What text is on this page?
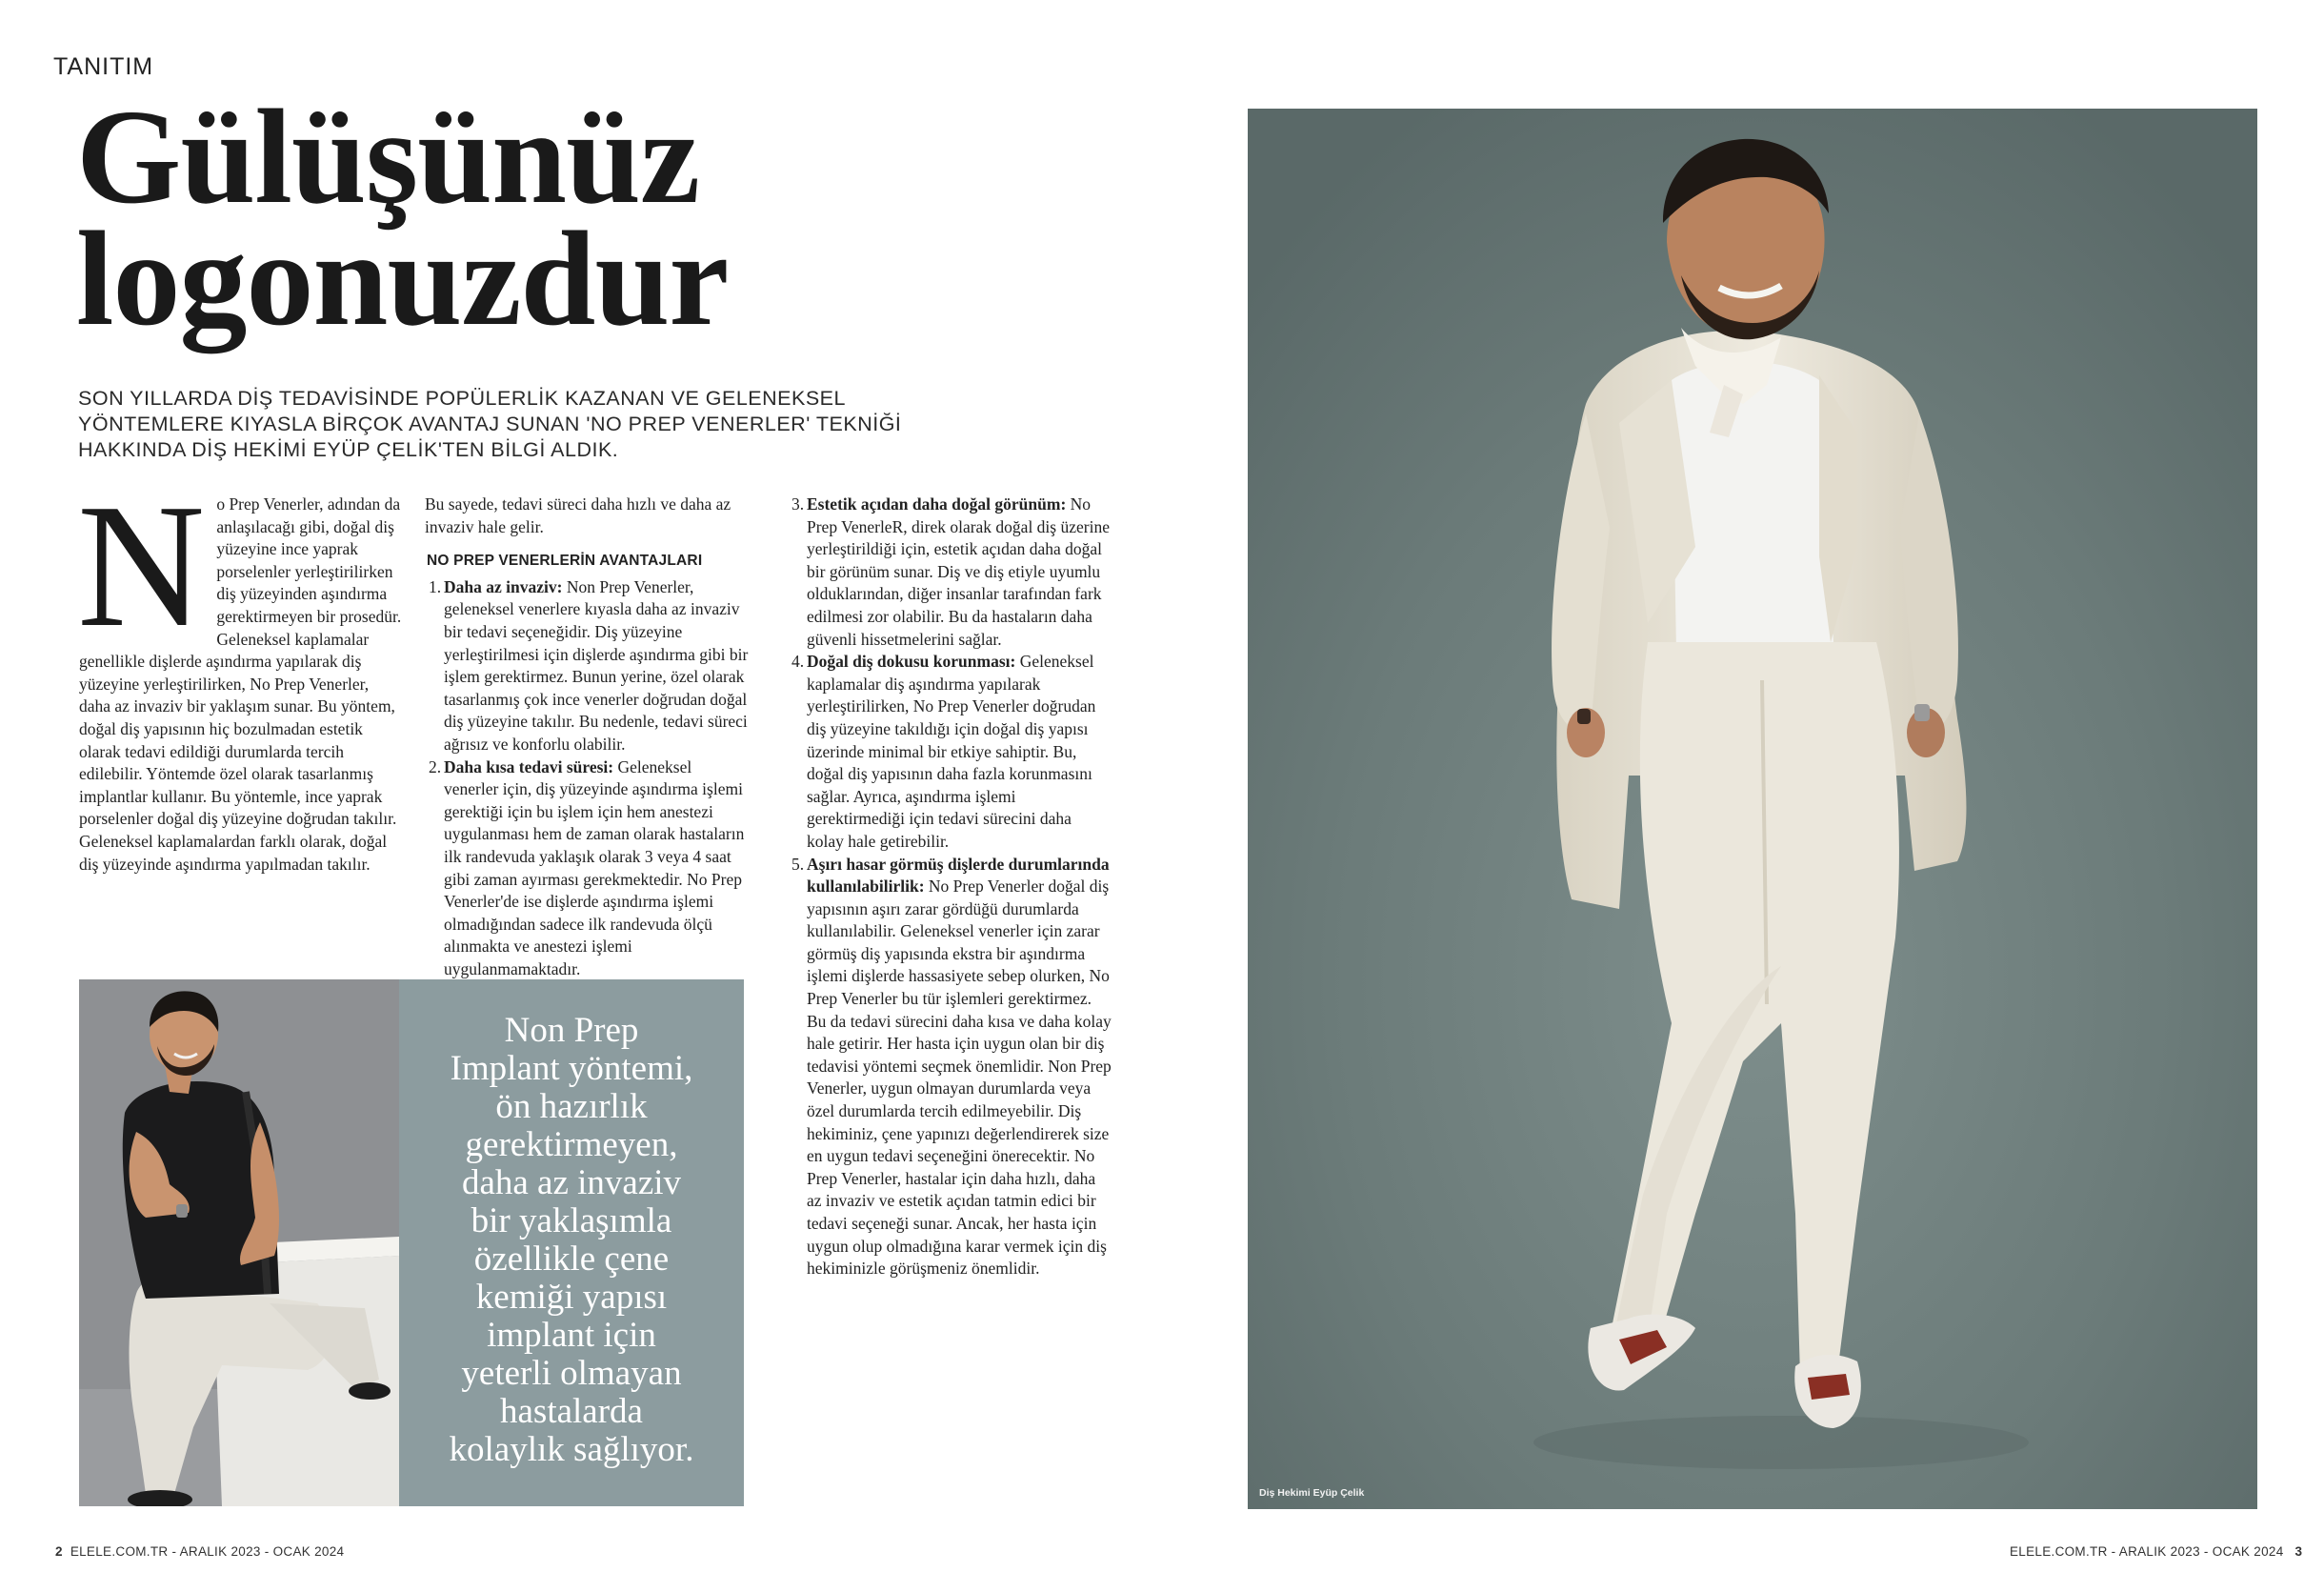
TANITIM
Gülüşünüz
logonuzdur
SON YILLARDA DİŞ TEDAVİSİNDE POPÜLERLİK KAZANAN VE GELENEKSEL
YÖNTEMLERE KIYASLA BİRÇOK AVANTAJ SUNAN 'NO PREP VENERLER' TEKNİĞİ
HAKKINDA DİŞ HEKİMİ EYÜP ÇELİK'TEN BİLGİ ALDIK.

No Prep Venerler, adından da anlaşılacağı gibi, doğal diş yüzeyine ince yaprak porselenler yerleştirilirken diş yüzeyinden aşındırma gerektirmeyen bir prosedür. Geleneksel kaplamalar genellikle dişlerde aşındırma yapılarak diş yüzeyine yerleştirilirken, No Prep Venerler, daha az invaziv bir yaklaşım sunar. Bu yöntem, doğal diş yapısının hiç bozulmadan estetik olarak tedavi edildiği durumlarda tercih edilebilir. Yöntemde özel olarak tasarlanmış implantlar kullanır. Bu yöntemle, ince yaprak porselenler doğal diş yüzeyine doğrudan takılır. Geleneksel kaplamalardan farklı olarak, doğal diş yüzeyinde aşındırma yapılmadan takılır.

Bu sayede, tedavi süreci daha hızlı ve daha az invaziv hale gelir.

NO PREP VENERLERİN AVANTAJLARI
1. Daha az invaziv: Non Prep Venerler, geleneksel venerlere kıyasla daha az invaziv bir tedavi seçeneğidir. Diş yüzeyine yerleştirilmesi için dişlerde aşındırma gibi bir işlem gerektirmez. Bunun yerine, özel olarak tasarlanmış çok ince venerler doğrudan doğal diş yüzeyine takılır. Bu nedenle, tedavi süreci ağrısız ve konforlu olabilir.
2. Daha kısa tedavi süresi: Geleneksel venerler için, diş yüzeyinde aşındırma işlemi gerektiği için bu işlem için hem anestezi uygulanması hem de zaman olarak hastaların ilk randevuda yaklaşık olarak 3 veya 4 saat gibi zaman ayırması gerekmektedir. No Prep Venerler'de ise dişlerde aşındırma işlemi olmadığından sadece ilk randevuda ölçü alınmakta ve anestezi işlemi uygulanmamaktadır.
3. Estetik açıdan daha doğal görünüm: No Prep VenerleR, direk olarak doğal diş üzerine yerleştirildiği için, estetik açıdan daha doğal bir görünüm sunar. Diş ve diş etiyle uyumlu olduklarından, diğer insanlar tarafından fark edilmesi zor olabilir. Bu da hastaların daha güvenli hissetmelerini sağlar.
4. Doğal diş dokusu korunması: Geleneksel kaplamalar diş aşındırma yapılarak yerleştirilirken, No Prep Venerler doğrudan diş yüzeyine takıldığı için doğal diş yapısı üzerinde minimal bir etkiye sahiptir. Bu, doğal diş yapısının daha fazla korunmasını sağlar. Ayrıca, aşındırma işlemi gerektirmediği için tedavi sürecini daha kolay hale getirebilir.
5. Aşırı hasar görmüş dişlerde durumlarında kullanılabilirlik: No Prep Venerler doğal diş yapısının aşırı zarar gördüğü durumlarda kullanılabilir. Geleneksel venerler için zarar görmüş diş yapısında ekstra bir aşındırma işlemi dişlerde hassasiyete sebep olurken, No Prep Venerler bu tür işlemleri gerektirmez. Bu da tedavi sürecini daha kısa ve daha kolay hale getirir. Her hasta için uygun olan bir diş tedavisi yöntemi seçmek önemlidir. Non Prep Venerler, uygun olmayan durumlarda veya özel durumlarda tercih edilmeyebilir. Diş hekiminiz, çene yapınızı değerlendirerek size en uygun tedavi seçeneğini önerecektir. No Prep Venerler, hastalar için daha hızlı, daha az invaziv ve estetik açıdan tatmin edici bir tedavi seçeneği sunar. Ancak, her hasta için uygun olup olmadığına karar vermek için diş hekiminizle görüşmeniz önemlidir.
Non Prep
Implant yöntemi,
ön hazırlık
gerektirmeyen,
daha az invaziv
bir yaklaşımla
özellikle çene
kemiği yapısı
implant için
yeterli olmayan
hastalarda
kolaylık sağlıyor.
Diş Hekimi Eyüp Çelik
2 ELELE.COM.TR - ARALIK 2023 - OCAK 2024	ELELE.COM.TR - ARALIK 2023 - OCAK 2024 3
